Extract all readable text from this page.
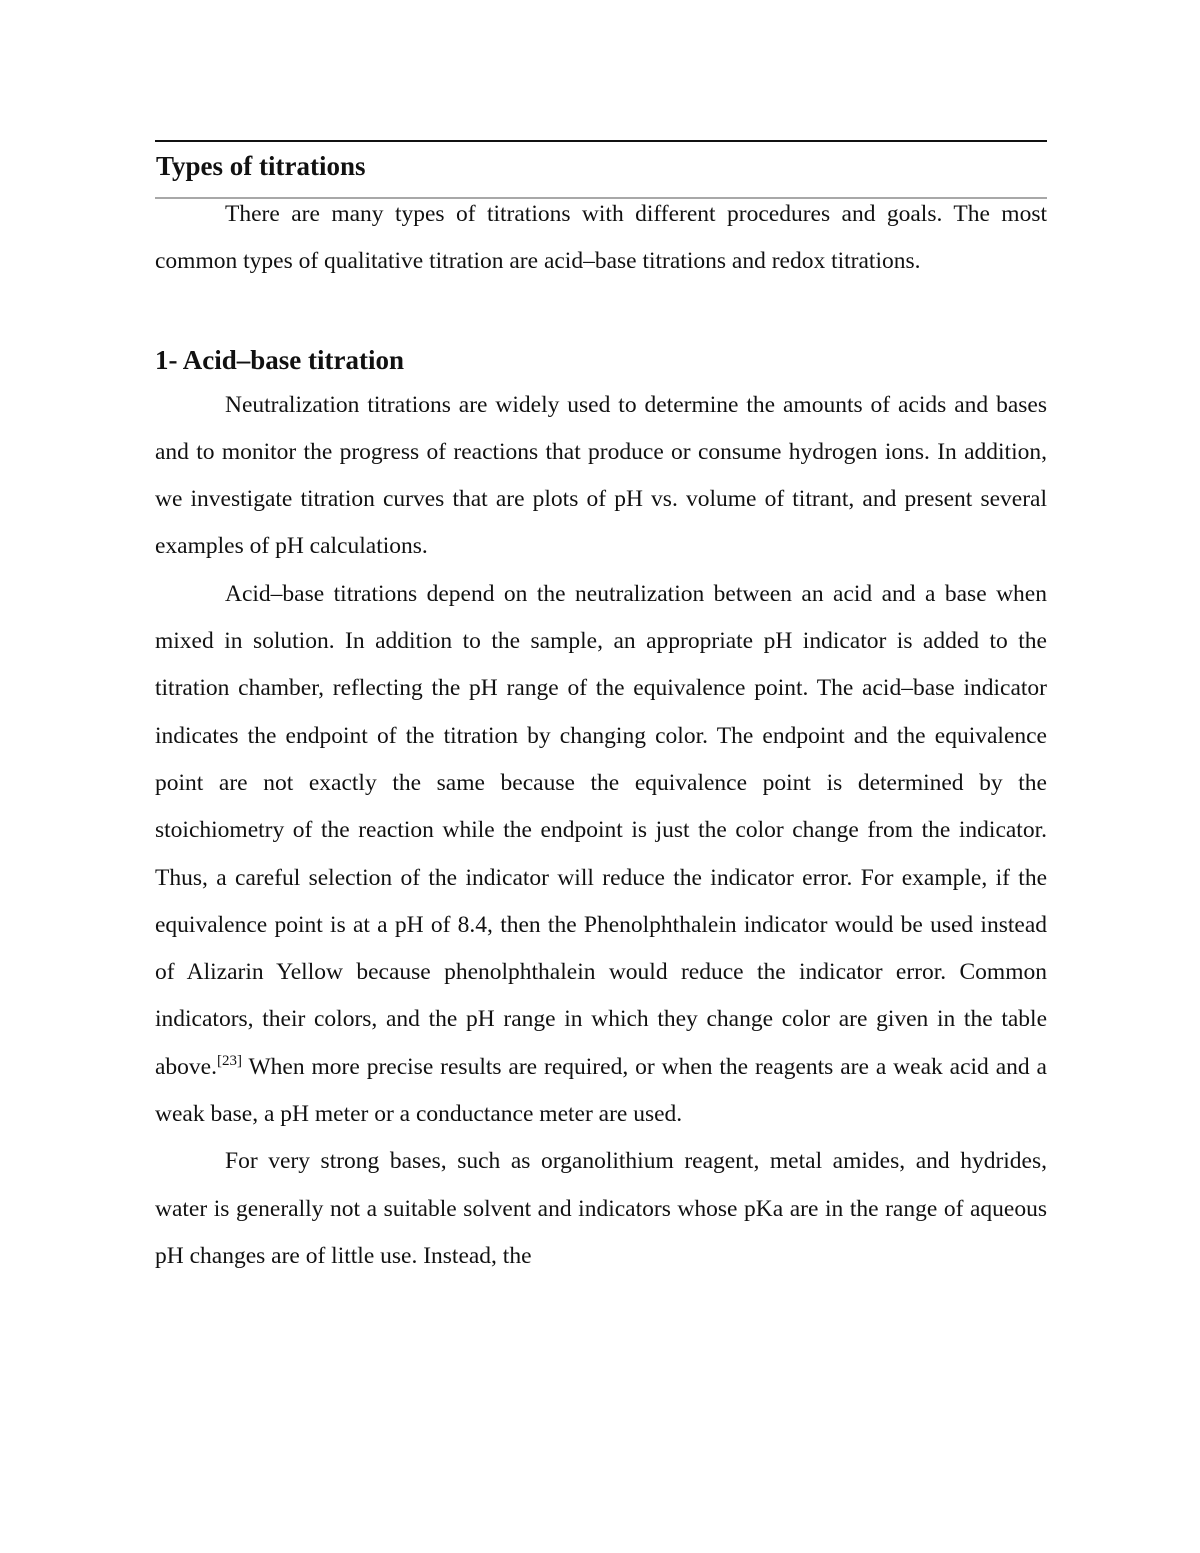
Types of titrations

There are many types of titrations with different procedures and goals. The most common types of qualitative titration are acid–base titrations and redox titrations.

1- Acid–base titration

Neutralization titrations are widely used to determine the amounts of acids and bases and to monitor the progress of reactions that produce or consume hydrogen ions. In addition, we investigate titration curves that are plots of pH vs. volume of titrant, and present several examples of pH calculations.

Acid–base titrations depend on the neutralization between an acid and a base when mixed in solution. In addition to the sample, an appropriate pH indicator is added to the titration chamber, reflecting the pH range of the equivalence point. The acid–base indicator indicates the endpoint of the titration by changing color. The endpoint and the equivalence point are not exactly the same because the equivalence point is determined by the stoichiometry of the reaction while the endpoint is just the color change from the indicator. Thus, a careful selection of the indicator will reduce the indicator error. For example, if the equivalence point is at a pH of 8.4, then the Phenolphthalein indicator would be used instead of Alizarin Yellow because phenolphthalein would reduce the indicator error. Common indicators, their colors, and the pH range in which they change color are given in the table above.[23] When more precise results are required, or when the reagents are a weak acid and a weak base, a pH meter or a conductance meter are used.

For very strong bases, such as organolithium reagent, metal amides, and hydrides, water is generally not a suitable solvent and indicators whose pKa are in the range of aqueous pH changes are of little use. Instead, the
